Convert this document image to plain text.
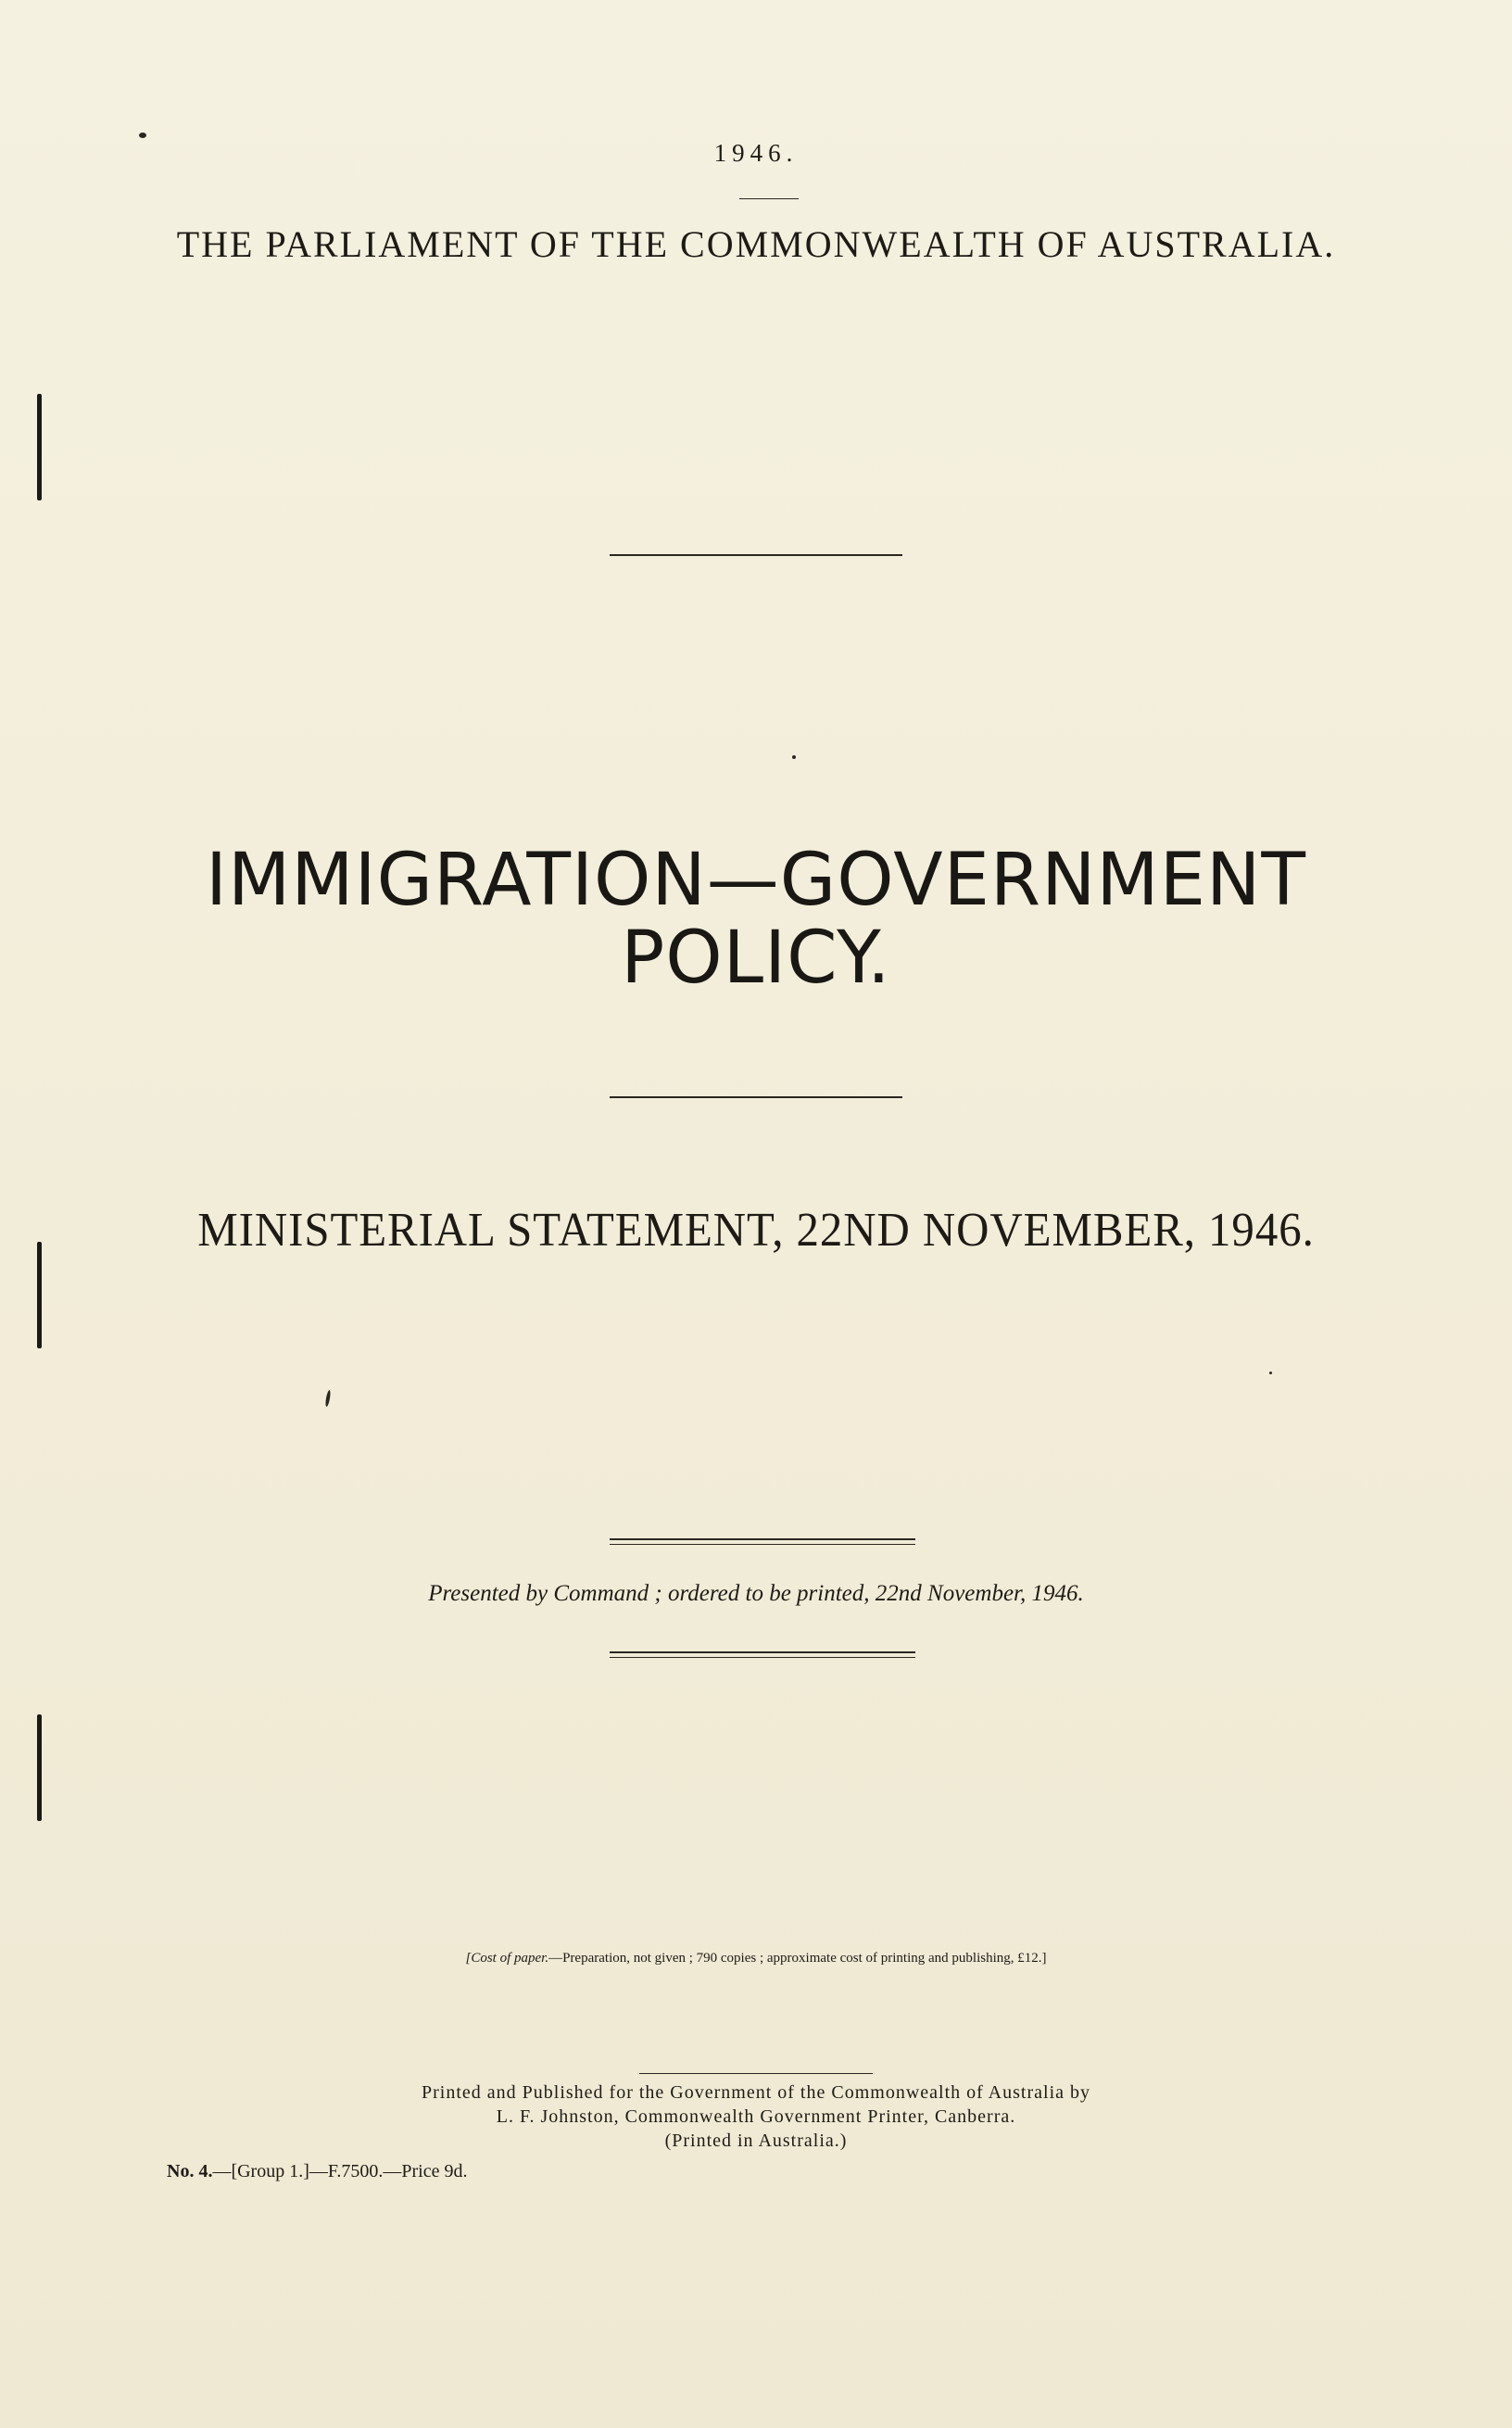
1946.
THE PARLIAMENT OF THE COMMONWEALTH OF AUSTRALIA.
IMMIGRATION—GOVERNMENT
POLICY.
MINISTERIAL STATEMENT, 22ND NOVEMBER, 1946.
Presented by Command ; ordered to be printed, 22nd November, 1946.
[Cost of paper.—Preparation, not given ; 790 copies ; approximate cost of printing and publishing, £12.]
Printed and Published for the Government of the Commonwealth of Australia by
L. F. Johnston, Commonwealth Government Printer, Canberra.
(Printed in Australia.)
No. 4.—[Group 1.]—F.7500.—Price 9d.
